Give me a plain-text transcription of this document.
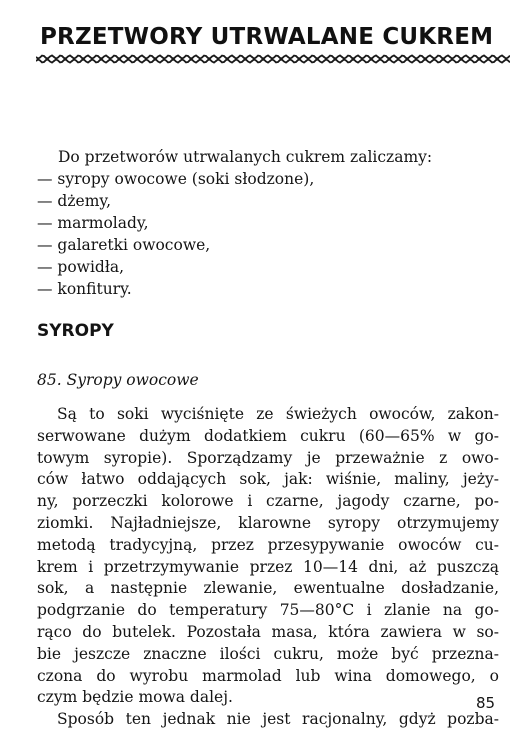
PRZETWORY UTRWALANE CUKREM

Do przetworów utrwalanych cukrem zaliczamy:

— syropy owocowe (soki słodzone),
— dżemy,
— marmolady,
— galaretki owocowe,
— powidła,
— konfitury.
SYROPY

85. Syropy owocowe

Są to soki wyciśnięte ze świeżych owoców, zakon-
serwowane dużym dodatkiem cukru (60—65% w go-
towym syropie). Sporządzamy je przeważnie z owo-
ców łatwo oddających sok, jak: wiśnie, maliny, jeży-
ny, porzeczki kolorowe i czarne, jagody czarne, po-
ziomki. Najładniejsze, klarowne syropy otrzymujemy
metodą tradycyjną, przez przesypywanie owoców cu-
krem i przetrzymywanie przez 10—14 dni, aż puszczą
sok, a następnie zlewanie, ewentualne dosładzanie,
podgrzanie do temperatury 75—80°C i zlanie na go-
rąco do butelek. Pozostała masa, która zawiera w so-
bie jeszcze znaczne ilości cukru, może być przezna-
czona do wyrobu marmolad lub wina domowego, o
czym będzie mowa dalej.
Sposób ten jednak nie jest racjonalny, gdyż pozba-
85
